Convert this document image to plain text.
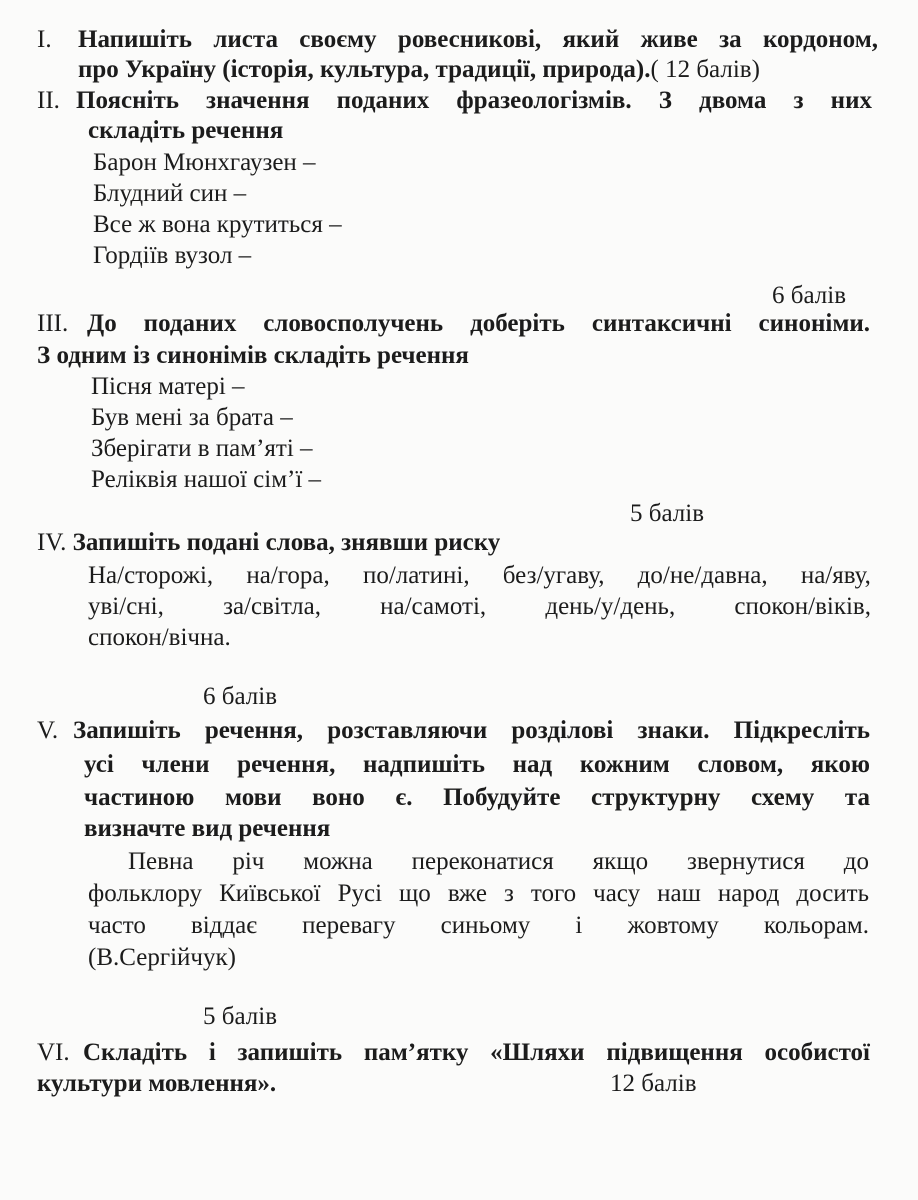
I. Напишіть листа своєму ровесникові, який живе за кордоном,
про Україну (історія, культура, традиції, природа).( 12 балів)
II. Поясніть значення поданих фразеологізмів. З двома з них
складіть речення
Барон Мюнхгаузен –
Блудний син –
Все ж вона крутиться –
Гордіїв вузол –
6 балів
III. До поданих словосполучень доберіть синтаксичні синоніми.
З одним із синонімів складіть речення
Пісня матері –
Був мені за брата –
Зберігати в пам’яті –
Реліквія нашої сім’ї –
5 балів
IV. Запишіть подані слова, знявши риску
На/сторожі, на/гора, по/латині, без/угаву, до/не/давна, на/яву,
уві/сні, за/світла, на/самоті, день/у/день, спокон/віків,
спокон/вічна.
6 балів
V. Запишіть речення, розставляючи розділові знаки. Підкресліть
усі члени речення, надпишіть над кожним словом, якою
частиною мови воно є. Побудуйте структурну схему та
визначте вид речення
Певна річ можна переконатися якщо звернутися до
фольклору Київської Русі що вже з того часу наш народ досить
часто віддає перевагу синьому і жовтому кольорам.
(В.Сергійчук)
5 балів
VI. Складіть і запишіть пам’ятку «Шляхи підвищення особистої
культури мовлення».	12 балів
